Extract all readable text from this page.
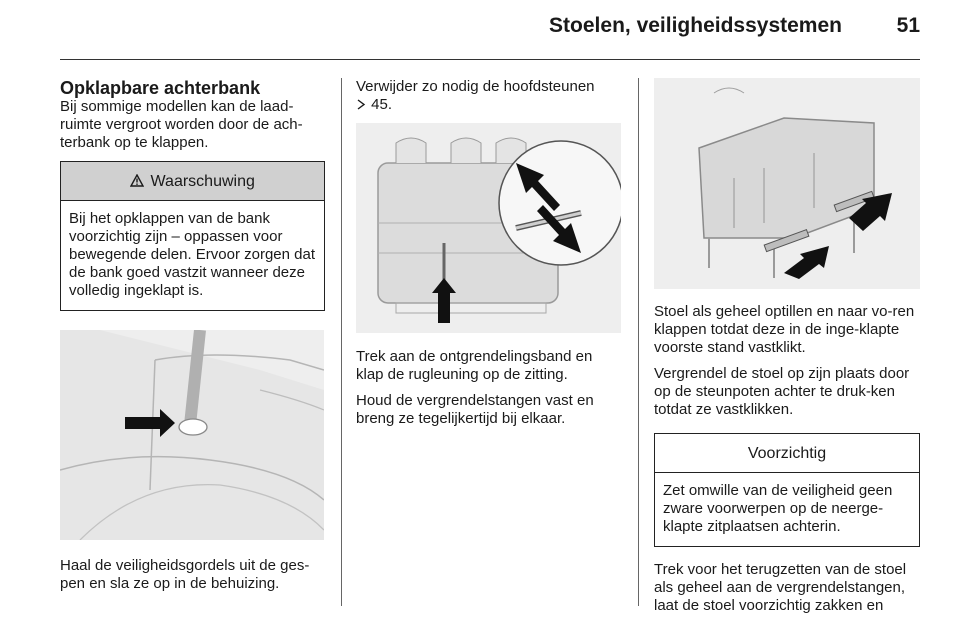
Stoelen, veiligheidssystemen	51
Opklapbare achterbank

Bij sommige modellen kan de laad-ruimte vergroot worden door de ach-terbank op te klappen.

Waarschuwing
Bij het opklappen van de bank voorzichtig zijn – oppassen voor bewegende delen. Ervoor zorgen dat de bank goed vastzit wanneer deze volledig ingeklapt is.

Haal de veiligheidsgordels uit de ges-pen en sla ze op in de behuizing.

Verwijder zo nodig de hoofdsteunen
45.

Trek aan de ontgrendelingsband en klap de rugleuning op de zitting.

Houd de vergrendelstangen vast en breng ze tegelijkertijd bij elkaar.

Stoel als geheel optillen en naar vo-ren klappen totdat deze in de inge-klapte voorste stand vastklikt.

Vergrendel de stoel op zijn plaats door op de steunpoten achter te druk-ken totdat ze vastklikken.

Voorzichtig
Zet omwille van de veiligheid geen zware voorwerpen op de neerge-klapte zitplaatsen achterin.

Trek voor het terugzetten van de stoel als geheel aan de vergrendelstangen, laat de stoel voorzichtig zakken en
